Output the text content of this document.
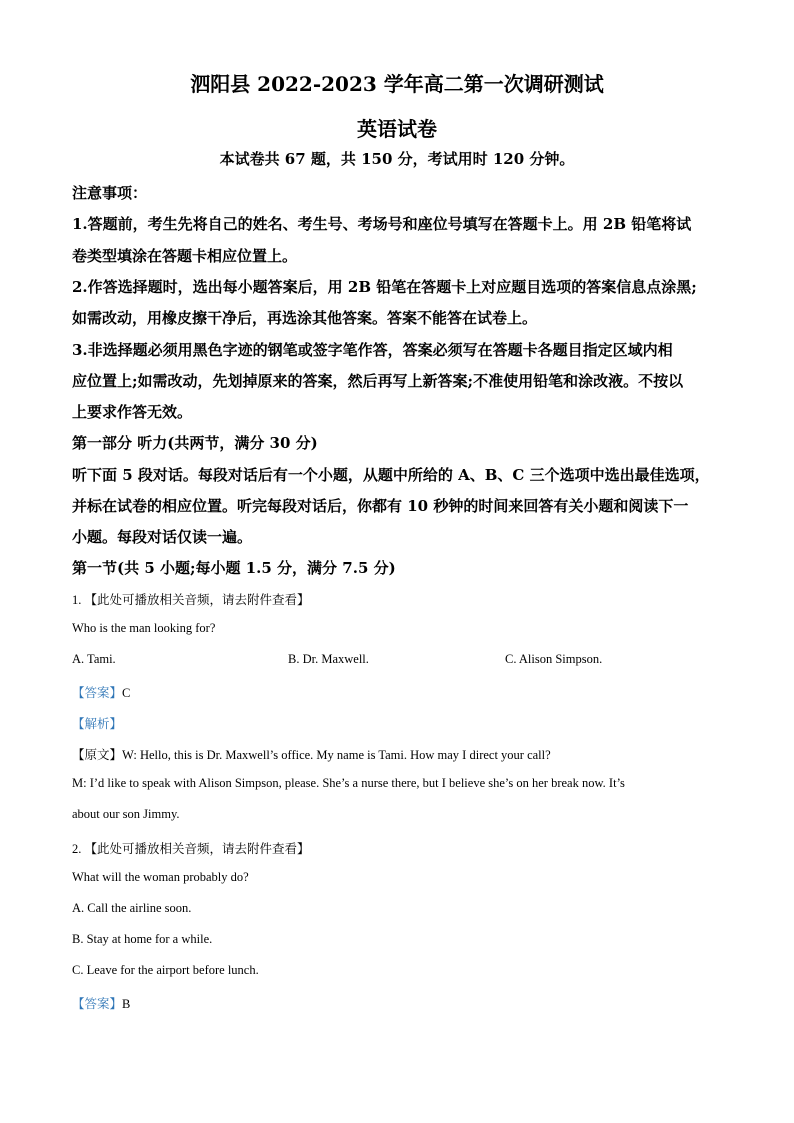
泗阳县 2022-2023 学年高二第一次调研测试
英语试卷
本试卷共 67 题，共 150 分，考试用时 120 分钟。
注意事项：
1.答题前，考生先将自己的姓名、考生号、考场号和座位号填写在答题卡上。用 2B 铅笔将试
卷类型填涂在答题卡相应位置上。
2.作答选择题时，选出每小题答案后，用 2B 铅笔在答题卡上对应题目选项的答案信息点涂黑;
如需改动，用橡皮擦干净后，再选涂其他答案。答案不能答在试卷上。
3.非选择题必须用黑色字迹的钢笔或签字笔作答，答案必须写在答题卡各题目指定区域内相
应位置上;如需改动，先划掉原来的答案，然后再写上新答案;不准使用铅笔和涂改液。不按以
上要求作答无效。
第一部分 听力(共两节，满分 30 分)
听下面 5 段对话。每段对话后有一个小题，从题中所给的 A、B、C 三个选项中选出最佳选项，
并标在试卷的相应位置。听完每段对话后，你都有 10 秒钟的时间来回答有关小题和阅读下一
小题。每段对话仅读一遍。
第一节(共 5 小题;每小题 1.5 分，满分 7.5 分)
1. 【此处可播放相关音频，请去附件查看】
Who is the man looking for?
A. Tami.	B. Dr. Maxwell.	C. Alison Simpson.
【答案】C
【解析】
【原文】W: Hello, this is Dr. Maxwell’s office. My name is Tami. How may I direct your call?
M: I’d like to speak with Alison Simpson, please. She’s a nurse there, but I believe she’s on her break now. It’s
about our son Jimmy.
2. 【此处可播放相关音频，请去附件查看】
What will the woman probably do?
A. Call the airline soon.
B. Stay at home for a while.
C. Leave for the airport before lunch.
【答案】B
